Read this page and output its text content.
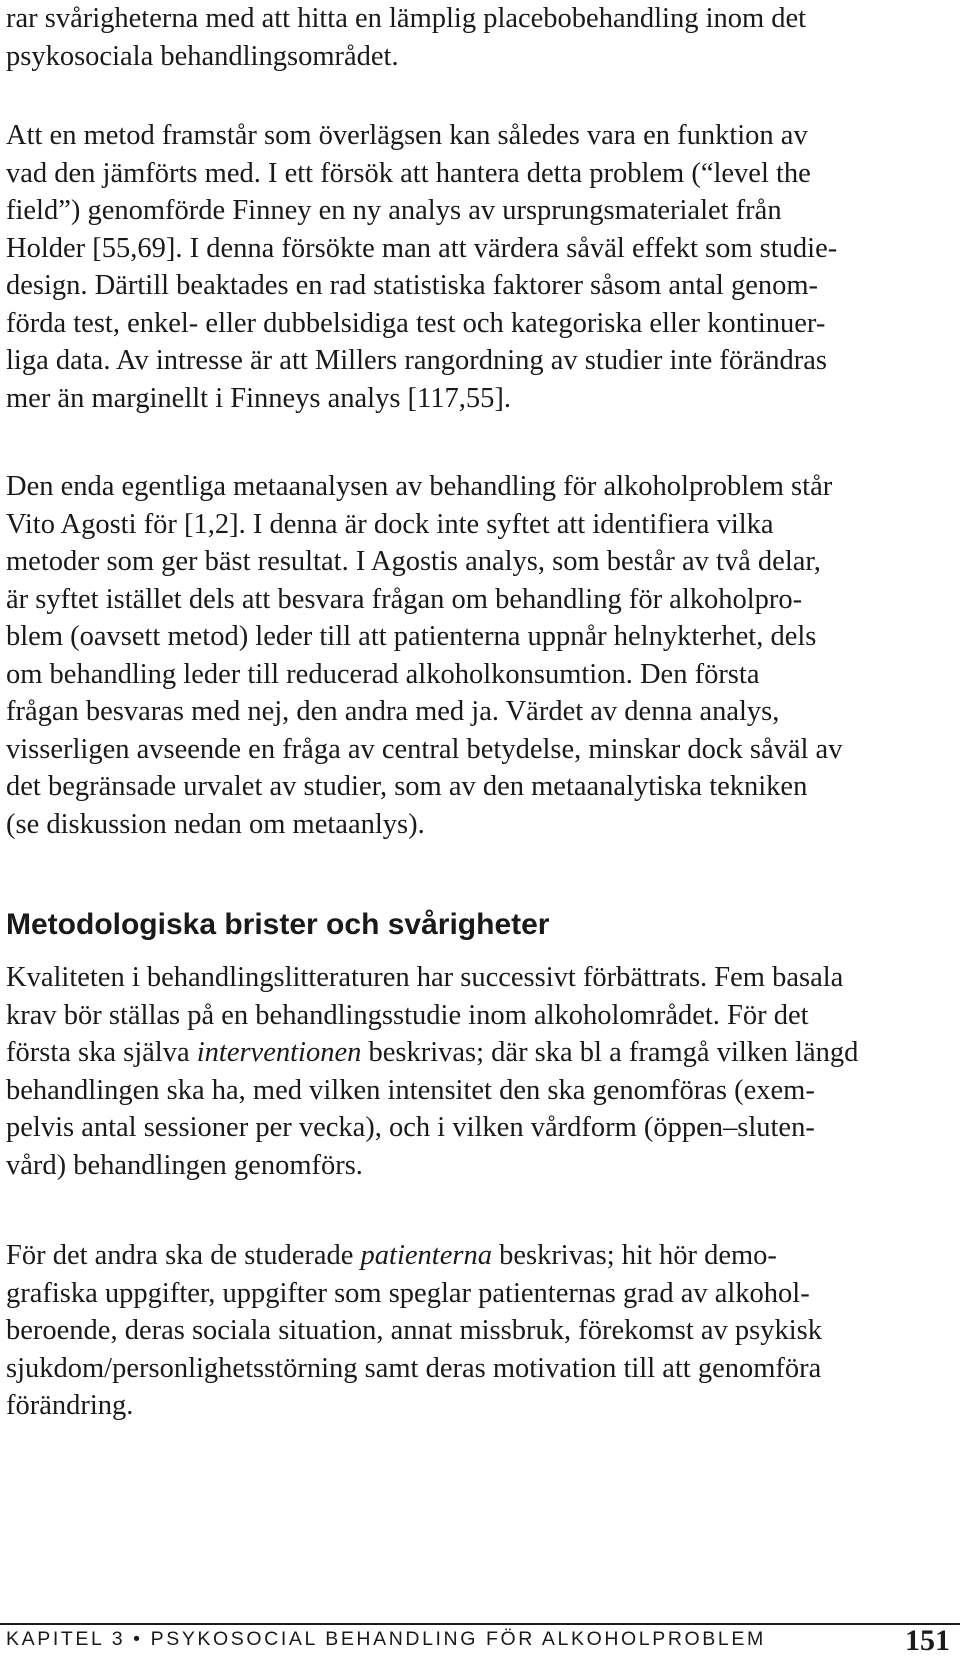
rar svårigheterna med att hitta en lämplig placebobehandling inom det
psykosociala behandlingsområdet.
Att en metod framstår som överlägsen kan således vara en funktion av
vad den jämförts med. I ett försök att hantera detta problem (“level the
field”) genomförde Finney en ny analys av ursprungsmaterialet från
Holder [55,69]. I denna försökte man att värdera såväl effekt som studie-
design. Därtill beaktades en rad statistiska faktorer såsom antal genom-
förda test, enkel- eller dubbelsidiga test och kategoriska eller kontinuer-
liga data. Av intresse är att Millers rangordning av studier inte förändras
mer än marginellt i Finneys analys [117,55].
Den enda egentliga metaanalysen av behandling för alkoholproblem står
Vito Agosti för [1,2]. I denna är dock inte syftet att identifiera vilka
metoder som ger bäst resultat. I Agostis analys, som består av två delar,
är syftet istället dels att besvara frågan om behandling för alkoholpro-
blem (oavsett metod) leder till att patienterna uppnår helnykterhet, dels
om behandling leder till reducerad alkoholkonsumtion. Den första
frågan besvaras med nej, den andra med ja. Värdet av denna analys,
visserligen avseende en fråga av central betydelse, minskar dock såväl av
det begränsade urvalet av studier, som av den metaanalytiska tekniken
(se diskussion nedan om metaanlys).
Metodologiska brister och svårigheter
Kvaliteten i behandlingslitteraturen har successivt förbättrats. Fem basala
krav bör ställas på en behandlingsstudie inom alkoholområdet. För det
första ska själva interventionen beskrivas; där ska bl a framgå vilken längd
behandlingen ska ha, med vilken intensitet den ska genomföras (exem-
pelvis antal sessioner per vecka), och i vilken vårdform (öppen–sluten-
vård) behandlingen genomförs.
För det andra ska de studerade patienterna beskrivas; hit hör demo-
grafiska uppgifter, uppgifter som speglar patienternas grad av alkohol-
beroende, deras sociala situation, annat missbruk, förekomst av psykisk
sjukdom/personlighetsstörning samt deras motivation till att genomföra
förändring.
KAPITEL 3 • PSYKOSOCIAL BEHANDLING FÖR ALKOHOLPROBLEM	151
